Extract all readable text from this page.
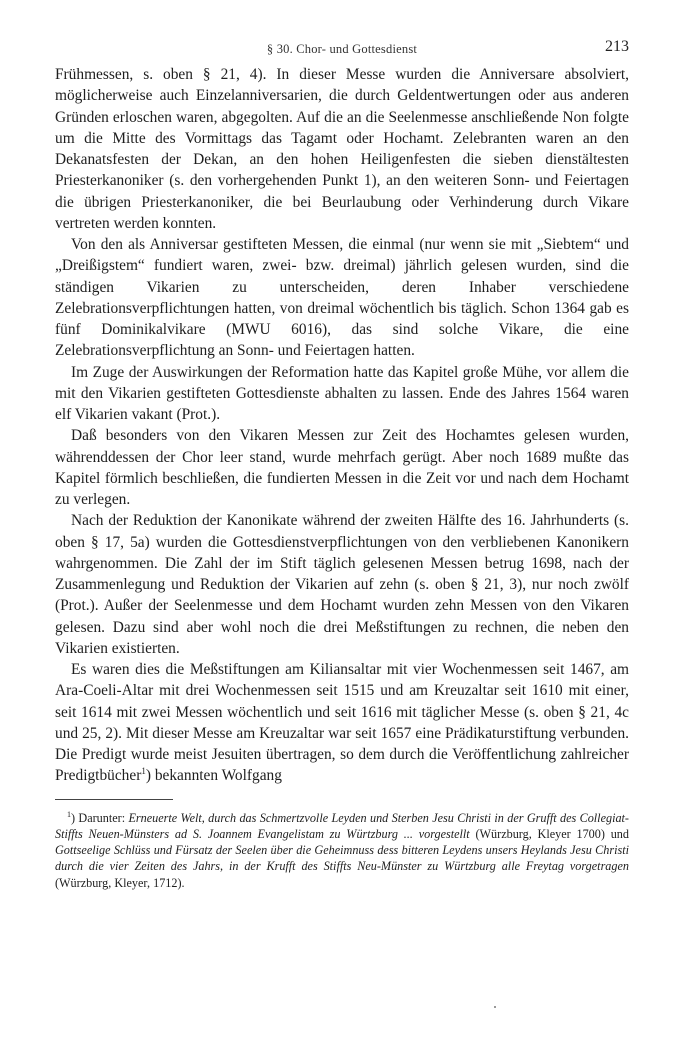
§ 30. Chor- und Gottesdienst	213

Frühmessen, s. oben § 21, 4). In dieser Messe wurden die Anniversare absolviert, möglicherweise auch Einzelanniversarien, die durch Geldentwertungen oder aus anderen Gründen erloschen waren, abgegolten. Auf die an die Seelenmesse anschließende Non folgte um die Mitte des Vormittags das Tagamt oder Hochamt. Zelebranten waren an den Dekanatsfesten der Dekan, an den hohen Heiligenfesten die sieben dienstältesten Priesterkanoniker (s. den vorhergehenden Punkt 1), an den weiteren Sonn- und Feiertagen die übrigen Priesterkanoniker, die bei Beurlaubung oder Verhinderung durch Vikare vertreten werden konnten.

Von den als Anniversar gestifteten Messen, die einmal (nur wenn sie mit „Siebtem“ und „Dreißigstem“ fundiert waren, zwei- bzw. dreimal) jährlich gelesen wurden, sind die ständigen Vikarien zu unterscheiden, deren Inhaber verschiedene Zelebrationsverpflichtungen hatten, von dreimal wöchentlich bis täglich. Schon 1364 gab es fünf Dominikalvikare (MWU 6016), das sind solche Vikare, die eine Zelebrationsverpflichtung an Sonn- und Feiertagen hatten.

Im Zuge der Auswirkungen der Reformation hatte das Kapitel große Mühe, vor allem die mit den Vikarien gestifteten Gottesdienste abhalten zu lassen. Ende des Jahres 1564 waren elf Vikarien vakant (Prot.).

Daß besonders von den Vikaren Messen zur Zeit des Hochamtes gelesen wurden, währenddessen der Chor leer stand, wurde mehrfach gerügt. Aber noch 1689 mußte das Kapitel förmlich beschließen, die fundierten Messen in die Zeit vor und nach dem Hochamt zu verlegen.

Nach der Reduktion der Kanonikate während der zweiten Hälfte des 16. Jahrhunderts (s. oben § 17, 5a) wurden die Gottesdienstverpflichtungen von den verbliebenen Kanonikern wahrgenommen. Die Zahl der im Stift täglich gelesenen Messen betrug 1698, nach der Zusammenlegung und Reduktion der Vikarien auf zehn (s. oben § 21, 3), nur noch zwölf (Prot.). Außer der Seelenmesse und dem Hochamt wurden zehn Messen von den Vikaren gelesen. Dazu sind aber wohl noch die drei Meßstiftungen zu rechnen, die neben den Vikarien existierten.

Es waren dies die Meßstiftungen am Kiliansaltar mit vier Wochenmessen seit 1467, am Ara-Coeli-Altar mit drei Wochenmessen seit 1515 und am Kreuzaltar seit 1610 mit einer, seit 1614 mit zwei Messen wöchentlich und seit 1616 mit täglicher Messe (s. oben § 21, 4c und 25, 2). Mit dieser Messe am Kreuzaltar war seit 1657 eine Prädikaturstiftung verbunden. Die Predigt wurde meist Jesuiten übertragen, so dem durch die Veröffentlichung zahlreicher Predigtbücher$^1$) bekannten Wolfgang

$^1$) Darunter: Erneuerte Welt, durch das Schmertzvolle Leyden und Sterben Jesu Christi in der Grufft des Collegiat-Stiffts Neuen-Münsters ad S. Joannem Evangelistam zu Würtzburg ... vorgestellt (Würzburg, Kleyer 1700) und Gottseelige Schlüss und Fürsatz der Seelen über die Geheimnuss dess bitteren Leydens unsers Heylands Jesu Christi durch die vier Zeiten des Jahrs, in der Krufft des Stiffts Neu-Münster zu Würtzburg alle Freytag vorgetragen (Würzburg, Kleyer, 1712).
